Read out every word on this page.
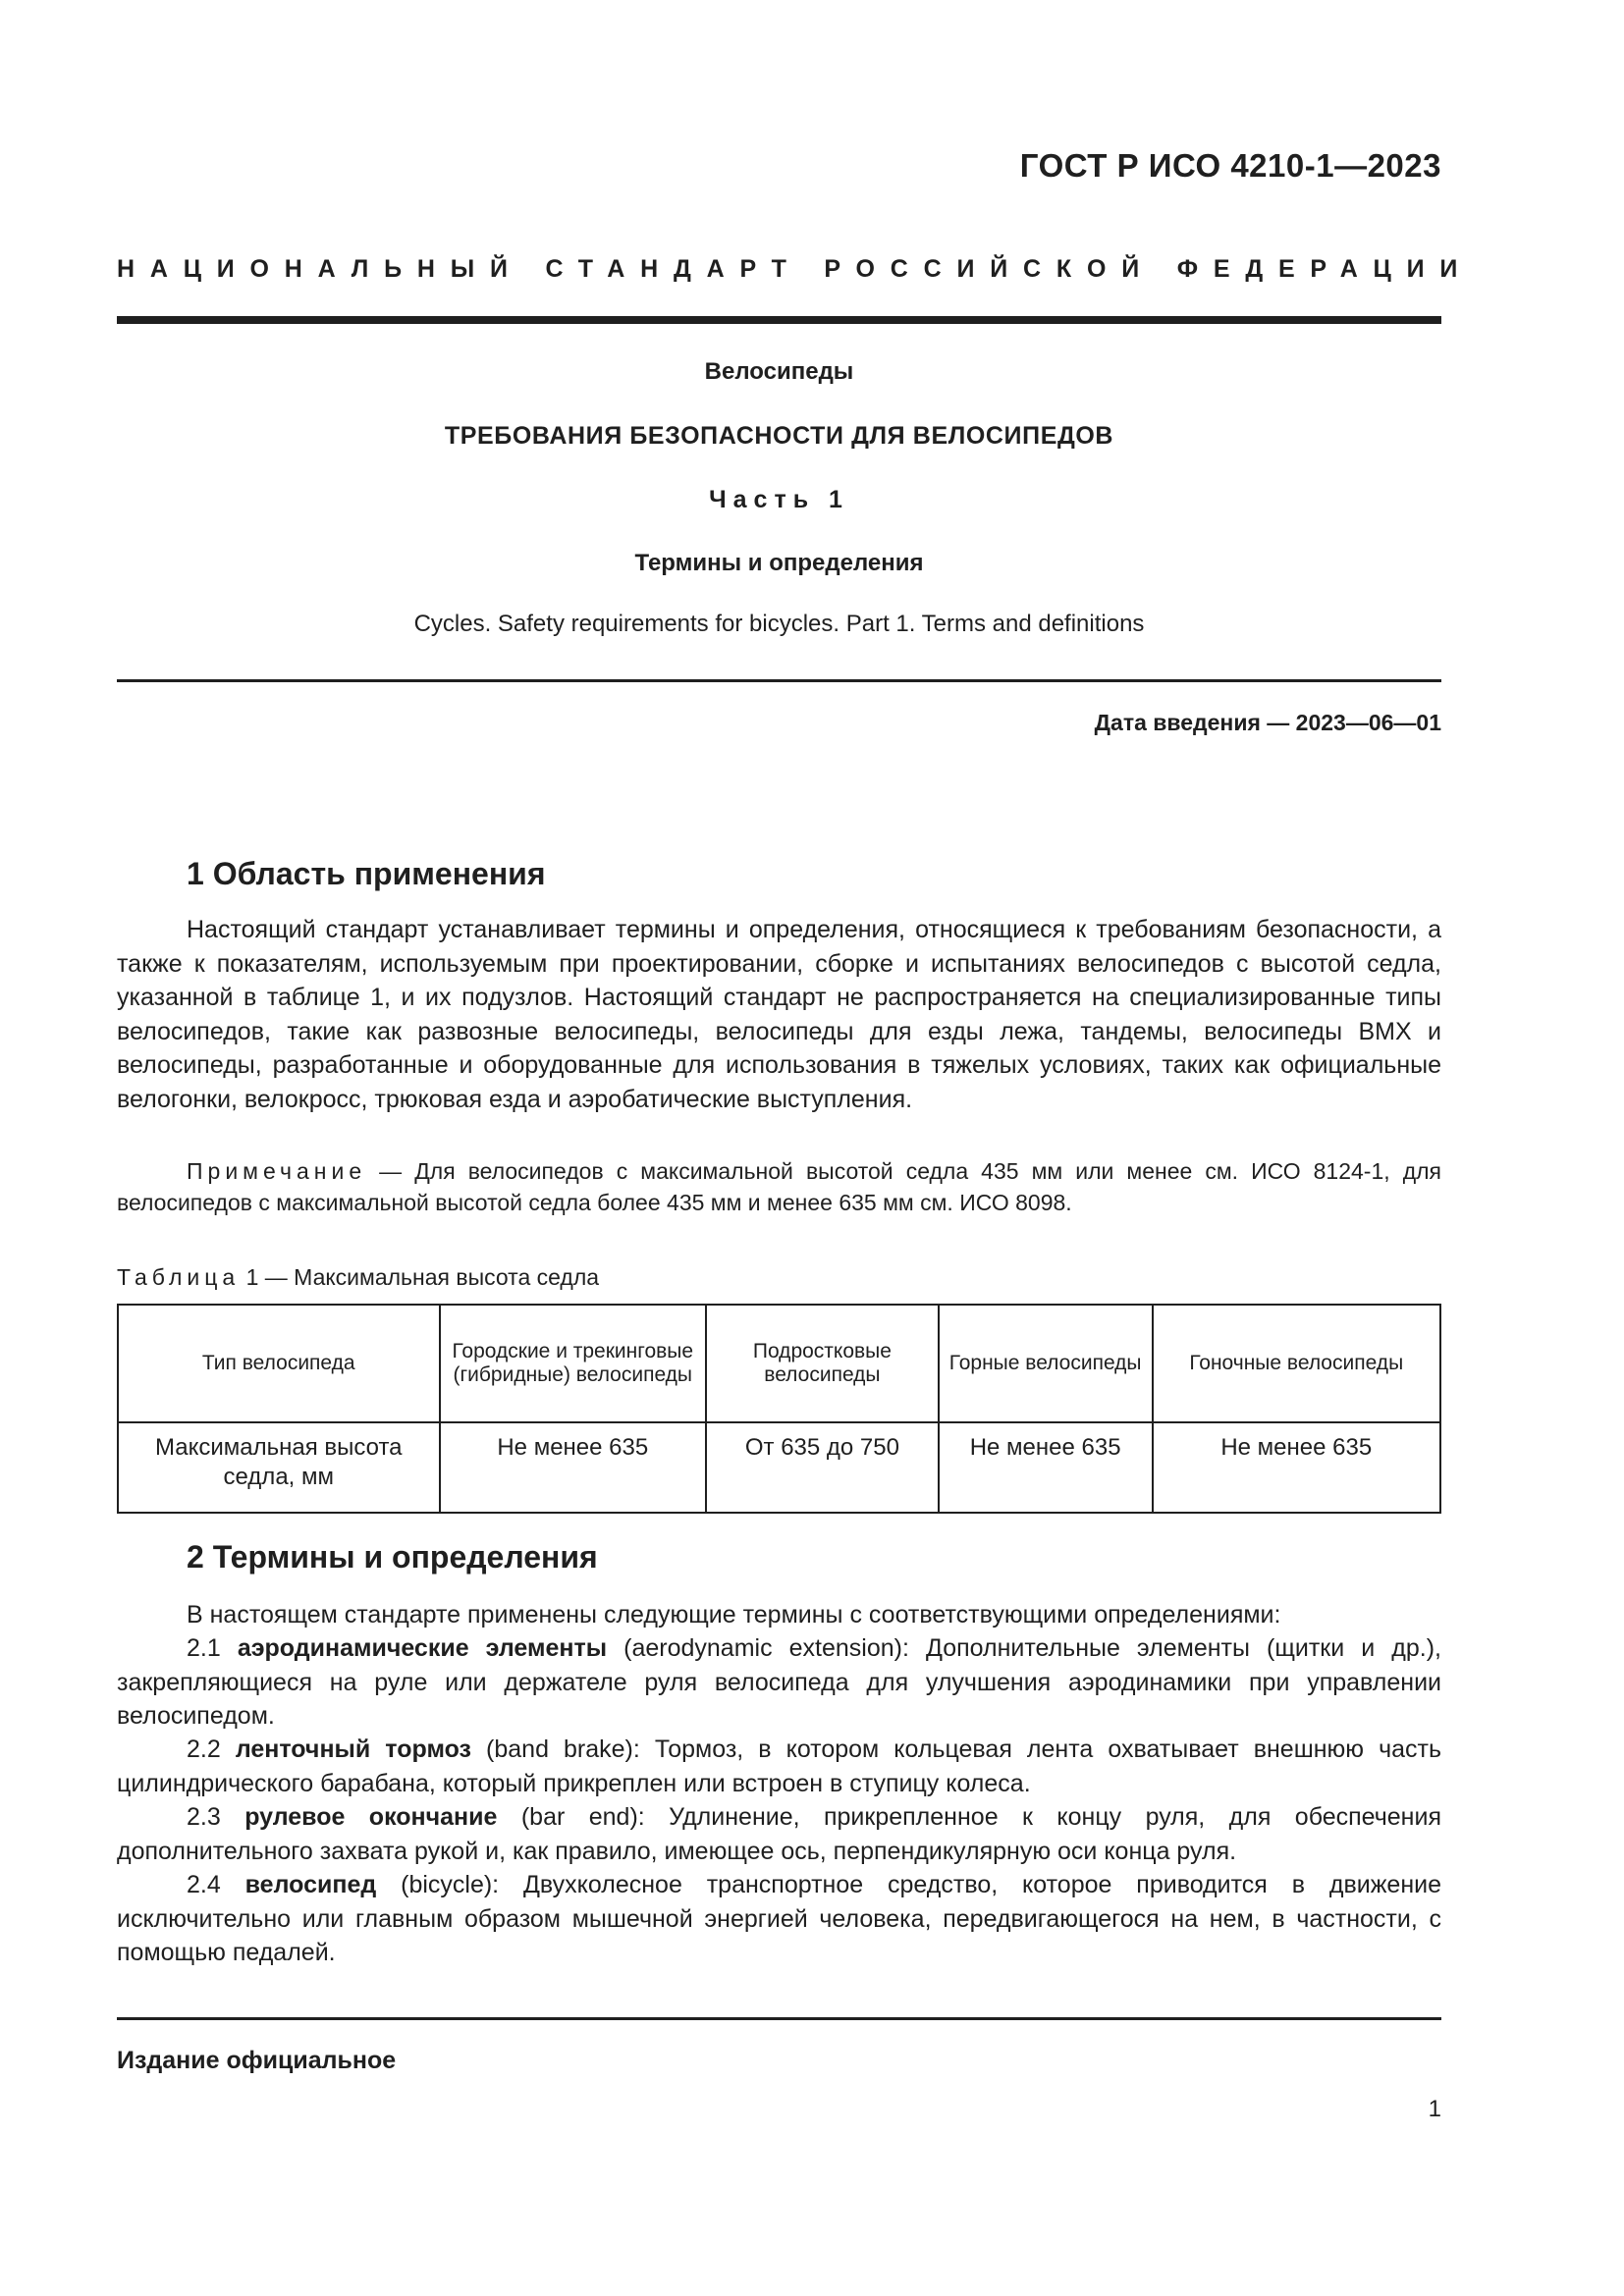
ГОСТ Р ИСО 4210-1—2023
НАЦИОНАЛЬНЫЙ СТАНДАРТ РОССИЙСКОЙ ФЕДЕРАЦИИ
Велосипеды
ТРЕБОВАНИЯ БЕЗОПАСНОСТИ ДЛЯ ВЕЛОСИПЕДОВ
Часть 1
Термины и определения
Cycles. Safety requirements for bicycles. Part 1. Terms and definitions
Дата введения — 2023—06—01
1 Область применения

Настоящий стандарт устанавливает термины и определения, относящиеся к требованиям безопасности, а также к показателям, используемым при проектировании, сборке и испытаниях велосипедов с высотой седла, указанной в таблице 1, и их подузлов. Настоящий стандарт не распространяется на специализированные типы велосипедов, такие как развозные велосипеды, велосипеды для езды лежа, тандемы, велосипеды BMX и велосипеды, разработанные и оборудованные для использования в тяжелых условиях, таких как официальные велогонки, велокросс, трюковая езда и аэробатические выступления.

Примечание — Для велосипедов с максимальной высотой седла 435 мм или менее см. ИСО 8124-1, для велосипедов с максимальной высотой седла более 435 мм и менее 635 мм см. ИСО 8098.

Таблица 1 — Максимальная высота седла
Тип велосипеда	Городские и трекинговые (гибридные) велосипеды	Подростковые велосипеды	Горные велосипеды	Гоночные велосипеды
Максимальная высота седла, мм	Не менее 635	От 635 до 750	Не менее 635	Не менее 635
2 Термины и определения

В настоящем стандарте применены следующие термины с соответствующими определениями:

2.1 аэродинамические элементы (aerodynamic extension): Дополнительные элементы (щитки и др.), закрепляющиеся на руле или держателе руля велосипеда для улучшения аэродинамики при управлении велосипедом.

2.2 ленточный тормоз (band brake): Тормоз, в котором кольцевая лента охватывает внешнюю часть цилиндрического барабана, который прикреплен или встроен в ступицу колеса.

2.3 рулевое окончание (bar end): Удлинение, прикрепленное к концу руля, для обеспечения дополнительного захвата рукой и, как правило, имеющее ось, перпендикулярную оси конца руля.

2.4 велосипед (bicycle): Двухколесное транспортное средство, которое приводится в движение исключительно или главным образом мышечной энергией человека, передвигающегося на нем, в частности, с помощью педалей.

Издание официальное
1
